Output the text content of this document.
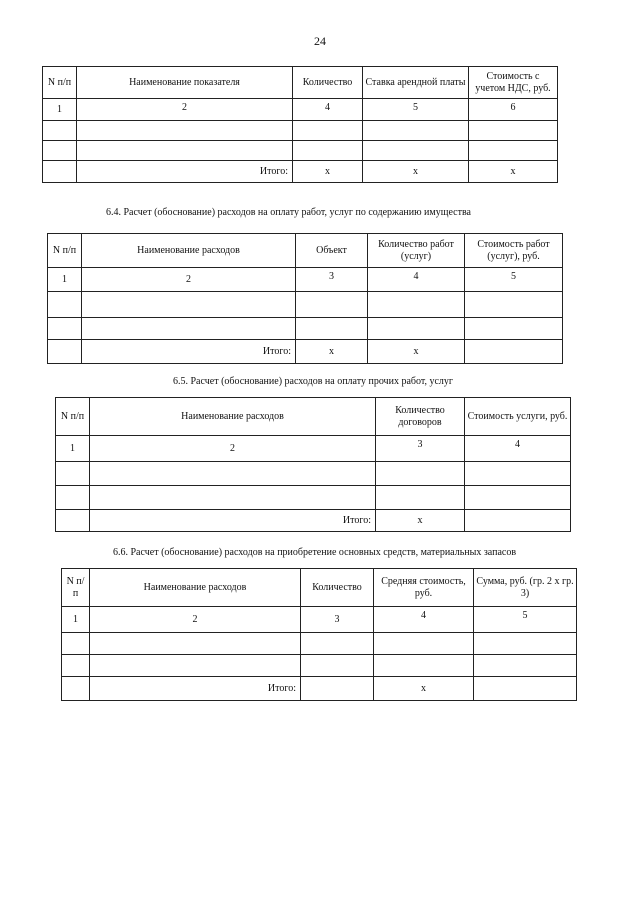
24
N п/п	Наименование показателя	Количество	Ставка арендной платы	Стоимость с учетом НДС, руб.
1	2	4	5	6

	Итого:	x	x	x
6.4. Расчет (обоснование) расходов на оплату работ, услуг по содержанию имущества
N п/п	Наименование расходов	Объект	Количество работ (услуг)	Стоимость работ (услуг), руб.
1	2	3	4	5

	Итого:	x	x	
6.5. Расчет (обоснование) расходов на оплату прочих работ, услуг
N п/п	Наименование расходов	Количество договоров	Стоимость услуги, руб.
1	2	3	4

	Итого:	x	
6.6. Расчет (обоснование) расходов на приобретение основных средств, материальных запасов
N п/п	Наименование расходов	Количество	Средняя стоимость, руб.	Сумма, руб. (гр. 2 x гр. 3)
1	2	3	4	5

	Итого:		x	
